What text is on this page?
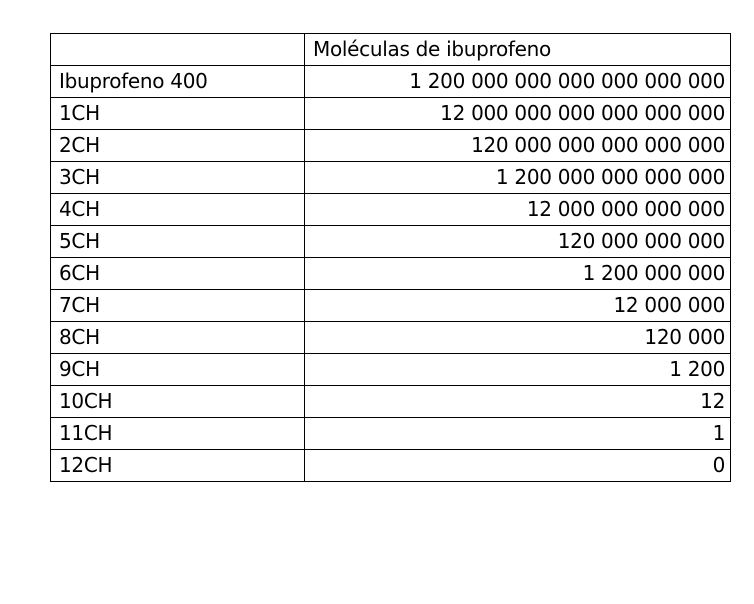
	Moléculas de ibuprofeno
Ibuprofeno 400	1 200 000 000 000 000 000 000
1CH	12 000 000 000 000 000 000
2CH	120 000 000 000 000 000
3CH	1 200 000 000 000 000
4CH	12 000 000 000 000
5CH	120 000 000 000
6CH	1 200 000 000
7CH	12 000 000
8CH	120 000
9CH	1 200
10CH	12
11CH	1
12CH	0
